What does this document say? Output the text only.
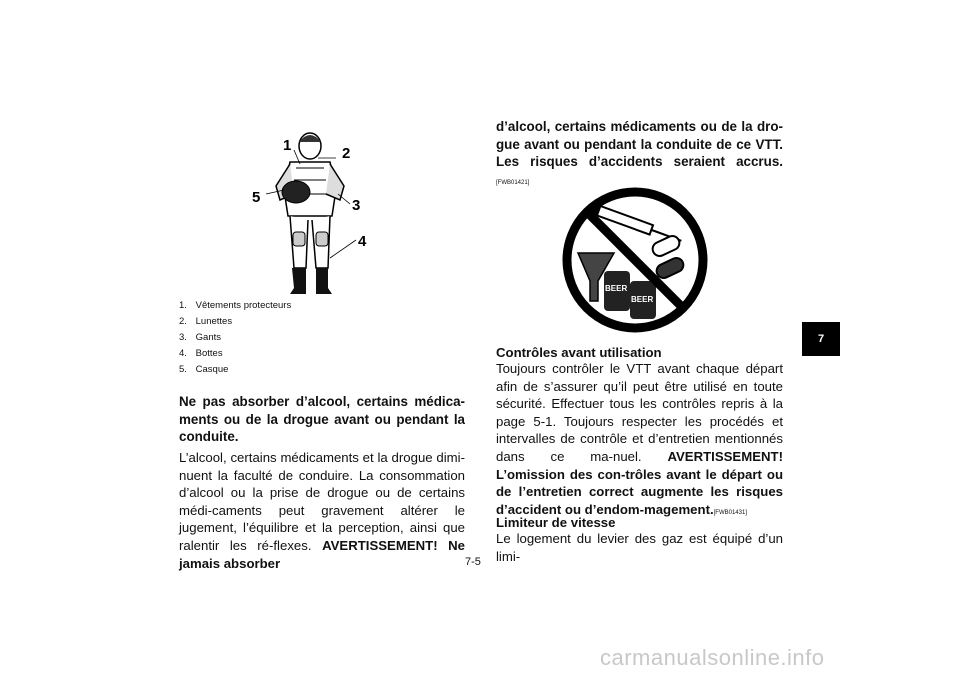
1	2
3
4
5
1. Vêtements protecteurs
2. Lunettes
3. Gants
4. Bottes
5. Casque

Ne pas absorber d’alcool, certains médica-ments ou de la drogue avant ou pendant la conduite.

L’alcool, certains médicaments et la drogue dimi-nuent la faculté de conduire. La consommation d’alcool ou la prise de drogue ou de certains médi-caments peut gravement altérer le jugement, l’équilibre et la perception, ainsi que ralentir les ré-flexes. AVERTISSEMENT! Ne jamais absorber

d’alcool, certains médicaments ou de la dro-gue avant ou pendant la conduite de ce VTT. Les risques d’accidents seraient accrus.[FWB01421]

BEER
BEER

Contrôles avant utilisation

Toujours contrôler le VTT avant chaque départ afin de s’assurer qu’il peut être utilisé en toute sécurité. Effectuer tous les contrôles repris à la page 5-1. Toujours respecter les procédés et intervalles de contrôle et d’entretien mentionnés dans ce ma-nuel. AVERTISSEMENT! L’omission des con-trôles avant le départ ou de l’entretien correct augmente les risques d’accident ou d’endom-magement.[FWB01431]

Limiteur de vitesse

Le logement du levier des gaz est équipé d’un limi-

7-5
7
carmanualsonline.info
